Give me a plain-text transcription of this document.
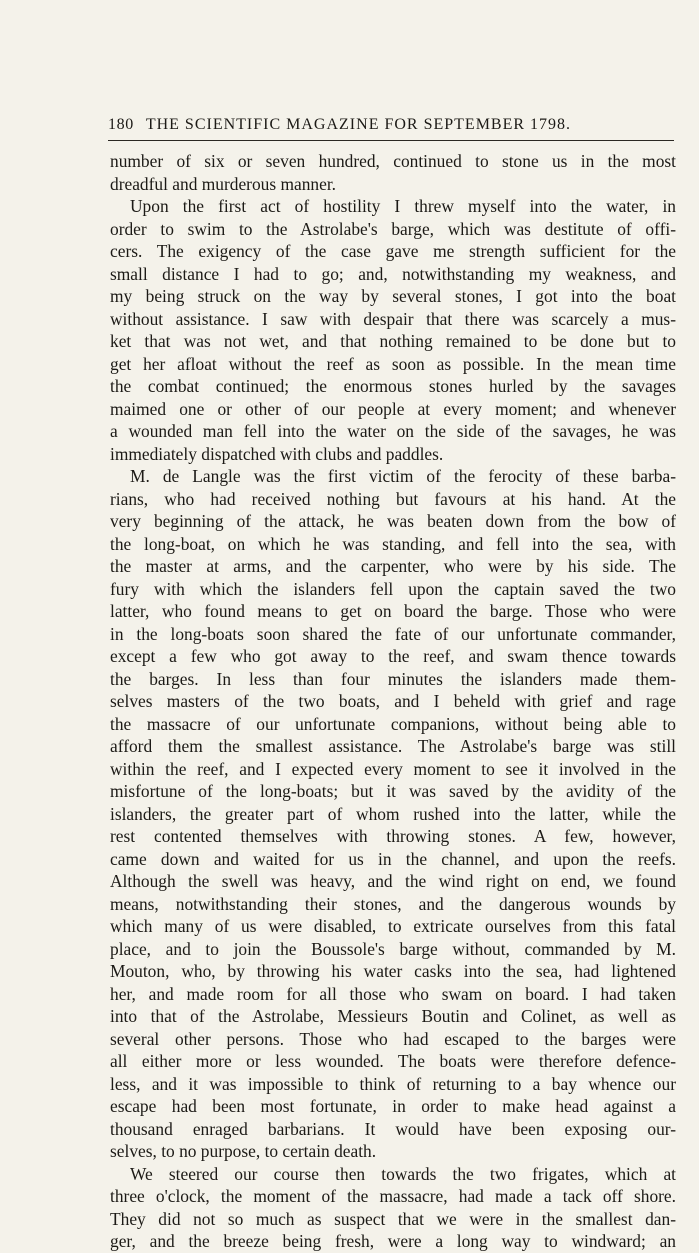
180 THE SCIENTIFIC MAGAZINE FOR SEPTEMBER 1798.
number of six or seven hundred, continued to stone us in the most
dreadful and murderous manner.
Upon the first act of hostility I threw myself into the water, in
order to swim to the Astrolabe's barge, which was destitute of offi-
cers. The exigency of the case gave me strength sufficient for the
small distance I had to go; and, notwithstanding my weakness, and
my being struck on the way by several stones, I got into the boat
without assistance. I saw with despair that there was scarcely a mus-
ket that was not wet, and that nothing remained to be done but to
get her afloat without the reef as soon as possible. In the mean time
the combat continued; the enormous stones hurled by the savages
maimed one or other of our people at every moment; and whenever
a wounded man fell into the water on the side of the savages, he was
immediately dispatched with clubs and paddles.
M. de Langle was the first victim of the ferocity of these barba-
rians, who had received nothing but favours at his hand. At the
very beginning of the attack, he was beaten down from the bow of
the long-boat, on which he was standing, and fell into the sea, with
the master at arms, and the carpenter, who were by his side. The
fury with which the islanders fell upon the captain saved the two
latter, who found means to get on board the barge. Those who were
in the long-boats soon shared the fate of our unfortunate commander,
except a few who got away to the reef, and swam thence towards
the barges. In less than four minutes the islanders made them-
selves masters of the two boats, and I beheld with grief and rage
the massacre of our unfortunate companions, without being able to
afford them the smallest assistance. The Astrolabe's barge was still
within the reef, and I expected every moment to see it involved in the
misfortune of the long-boats; but it was saved by the avidity of the
islanders, the greater part of whom rushed into the latter, while the
rest contented themselves with throwing stones. A few, however,
came down and waited for us in the channel, and upon the reefs.
Although the swell was heavy, and the wind right on end, we found
means, notwithstanding their stones, and the dangerous wounds by
which many of us were disabled, to extricate ourselves from this fatal
place, and to join the Boussole's barge without, commanded by M.
Mouton, who, by throwing his water casks into the sea, had lightened
her, and made room for all those who swam on board. I had taken
into that of the Astrolabe, Messieurs Boutin and Colinet, as well as
several other persons. Those who had escaped to the barges were
all either more or less wounded. The boats were therefore defence-
less, and it was impossible to think of returning to a bay whence our
escape had been most fortunate, in order to make head against a
thousand enraged barbarians. It would have been exposing our-
selves, to no purpose, to certain death.
We steered our course then towards the two frigates, which at
three o'clock, the moment of the massacre, had made a tack off shore.
They did not so much as suspect that we were in the smallest dan-
ger, and the breeze being fresh, were a long way to windward; an
